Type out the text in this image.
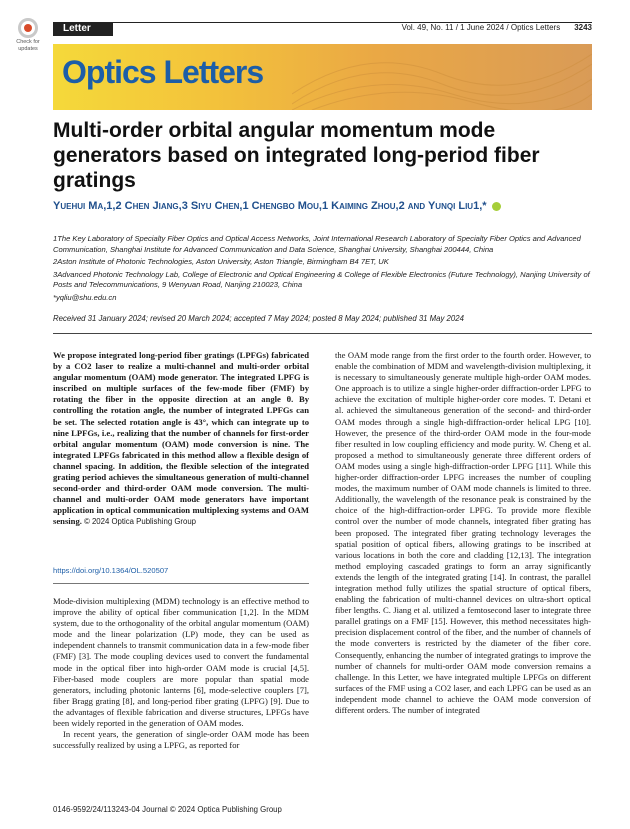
Check for
updates
Letter	Vol. 49, No. 11 / 1 June 2024 / Optics Letters 3243
Optics Letters
Multi-order orbital angular momentum mode generators based on integrated long-period fiber gratings
Yuehui Ma,1,2 Chen Jiang,3 Siyu Chen,1 Chengbo Mou,1 Kaiming Zhou,2 and Yunqi Liu1,*

1The Key Laboratory of Specialty Fiber Optics and Optical Access Networks, Joint International Research Laboratory of Specialty Fiber Optics and Advanced Communication, Shanghai Institute for Advanced Communication and Data Science, Shanghai University, Shanghai 200444, China

2Aston Institute of Photonic Technologies, Aston University, Aston Triangle, Birmingham B4 7ET, UK

3Advanced Photonic Technology Lab, College of Electronic and Optical Engineering & College of Flexible Electronics (Future Technology), Nanjing University of Posts and Telecommunications, 9 Wenyuan Road, Nanjing 210023, China

*yqliu@shu.edu.cn

Received 31 January 2024; revised 20 March 2024; accepted 7 May 2024; posted 8 May 2024; published 31 May 2024

We propose integrated long-period fiber gratings (LPFGs) fabricated by a CO2 laser to realize a multi-channel and multi-order orbital angular momentum (OAM) mode generator. The integrated LPFG is inscribed on multiple surfaces of the few-mode fiber (FMF) by rotating the fiber in the opposite direction at an angle θ. By controlling the rotation angle, the number of integrated LPFGs can be set. The selected rotation angle is 43°, which can integrate up to nine LPFGs, i.e., realizing that the number of channels for first-order orbital angular momentum (OAM) mode conversion is nine. The integrated LPFGs fabricated in this method allow a flexible design of channel spacing. In addition, the flexible selection of the integrated grating period achieves the simultaneous generation of multi-channel second-order and third-order OAM mode conversion. The multi-channel and multi-order OAM mode generators have important application in optical communication multiplexing systems and OAM sensing. © 2024 Optica Publishing Group

https://doi.org/10.1364/OL.520507

Mode-division multiplexing (MDM) technology is an effective method to improve the ability of optical fiber communication [1,2]. In the MDM system, due to the orthogonality of the orbital angular momentum (OAM) mode and the linear polarization (LP) mode, they can be used as independent channels to transmit communication data in a few-mode fiber (FMF) [3]. The mode coupling devices used to convert the fundamental mode in the optical fiber into high-order OAM mode is crucial [4,5]. Fiber-based mode couplers are more popular than spatial mode generators, including photonic lanterns [6], mode-selective couplers [7], fiber Bragg grating [8], and long-period fiber grating (LPFG) [9]. Due to the advantages of flexible fabrication and diverse structures, LPFGs have been widely reported in the generation of OAM modes.

In recent years, the generation of single-order OAM mode has been successfully realized by using a LPFG, as reported for

the OAM mode range from the first order to the fourth order. However, to enable the combination of MDM and wavelength-division multiplexing, it is necessary to simultaneously generate multiple high-order OAM modes. One approach is to utilize a single higher-order diffraction-order LPFG to achieve the excitation of multiple higher-order core modes. T. Detani et al. achieved the simultaneous generation of the second- and third-order OAM modes through a single high-diffraction-order helical LPG [10]. However, the presence of the third-order OAM mode in the four-mode fiber resulted in low coupling efficiency and mode purity. W. Cheng et al. proposed a method to simultaneously generate three different orders of OAM modes using a single high-diffraction-order LPFG [11]. While this higher-order diffraction-order LPFG increases the number of coupling modes, the maximum number of OAM mode channels is limited to three. Additionally, the wavelength of the resonance peak is constrained by the choice of the high-diffraction-order LPFG. To provide more flexible control over the number of mode channels, integrated fiber grating has been proposed. The integrated fiber grating technology leverages the spatial position of optical fibers, allowing gratings to be inscribed at various locations in both the core and cladding [12,13]. The integration method employing cascaded gratings to form an array significantly extends the length of the integrated grating [14]. In contrast, the parallel integration method fully utilizes the spatial structure of optical fibers, enabling the fabrication of multi-channel devices on ultra-short optical fiber lengths. C. Jiang et al. utilized a femtosecond laser to integrate three parallel gratings on a FMF [15]. However, this method necessitates high-precision displacement control of the fiber, and the number of channels of the mode converters is restricted by the diameter of the fiber core. Consequently, enhancing the number of integrated gratings to improve the number of channels for multi-order OAM mode conversion remains a challenge. In this Letter, we have integrated multiple LPFGs on different surfaces of the FMF using a CO2 laser, and each LPFG can be used as an independent mode channel to achieve the OAM mode conversion of different orders. The number of integrated

0146-9592/24/113243-04 Journal © 2024 Optica Publishing Group
